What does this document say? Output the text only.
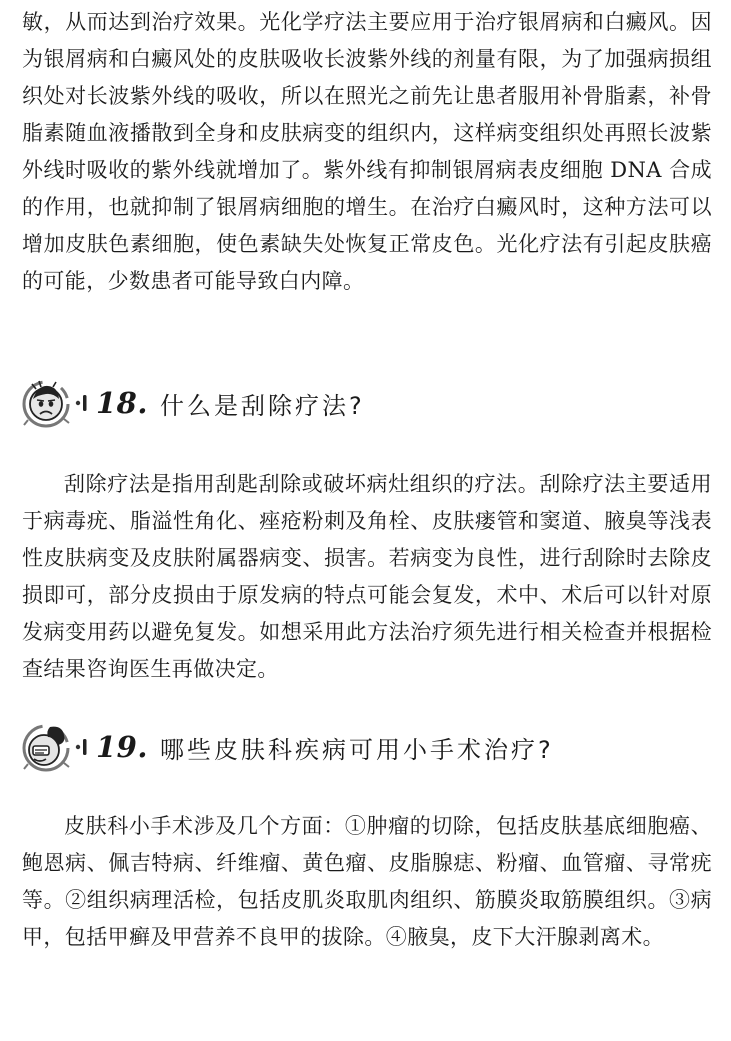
敏，从而达到治疗效果。光化学疗法主要应用于治疗银屑病和白癜风。因为银屑病和白癜风处的皮肤吸收长波紫外线的剂量有限，为了加强病损组织处对长波紫外线的吸收，所以在照光之前先让患者服用补骨脂素，补骨脂素随血液播散到全身和皮肤病变的组织内，这样病变组织处再照长波紫外线时吸收的紫外线就增加了。紫外线有抑制银屑病表皮细胞 DNA 合成的作用，也就抑制了银屑病细胞的增生。在治疗白癜风时，这种方法可以增加皮肤色素细胞，使色素缺失处恢复正常皮色。光化疗法有引起皮肤癌的可能，少数患者可能导致白内障。

18. 什么是刮除疗法?

刮除疗法是指用刮匙刮除或破坏病灶组织的疗法。刮除疗法主要适用于病毒疣、脂溢性角化、痤疮粉刺及角栓、皮肤瘘管和窦道、腋臭等浅表性皮肤病变及皮肤附属器病变、损害。若病变为良性，进行刮除时去除皮损即可，部分皮损由于原发病的特点可能会复发，术中、术后可以针对原发病变用药以避免复发。如想采用此方法治疗须先进行相关检查并根据检查结果咨询医生再做决定。

19. 哪些皮肤科疾病可用小手术治疗?

皮肤科小手术涉及几个方面：①肿瘤的切除，包括皮肤基底细胞癌、鲍恩病、佩吉特病、纤维瘤、黄色瘤、皮脂腺痣、粉瘤、血管瘤、寻常疣等。②组织病理活检，包括皮肌炎取肌肉组织、筋膜炎取筋膜组织。③病甲，包括甲癣及甲营养不良甲的拔除。④腋臭，皮下大汗腺剥离术。
